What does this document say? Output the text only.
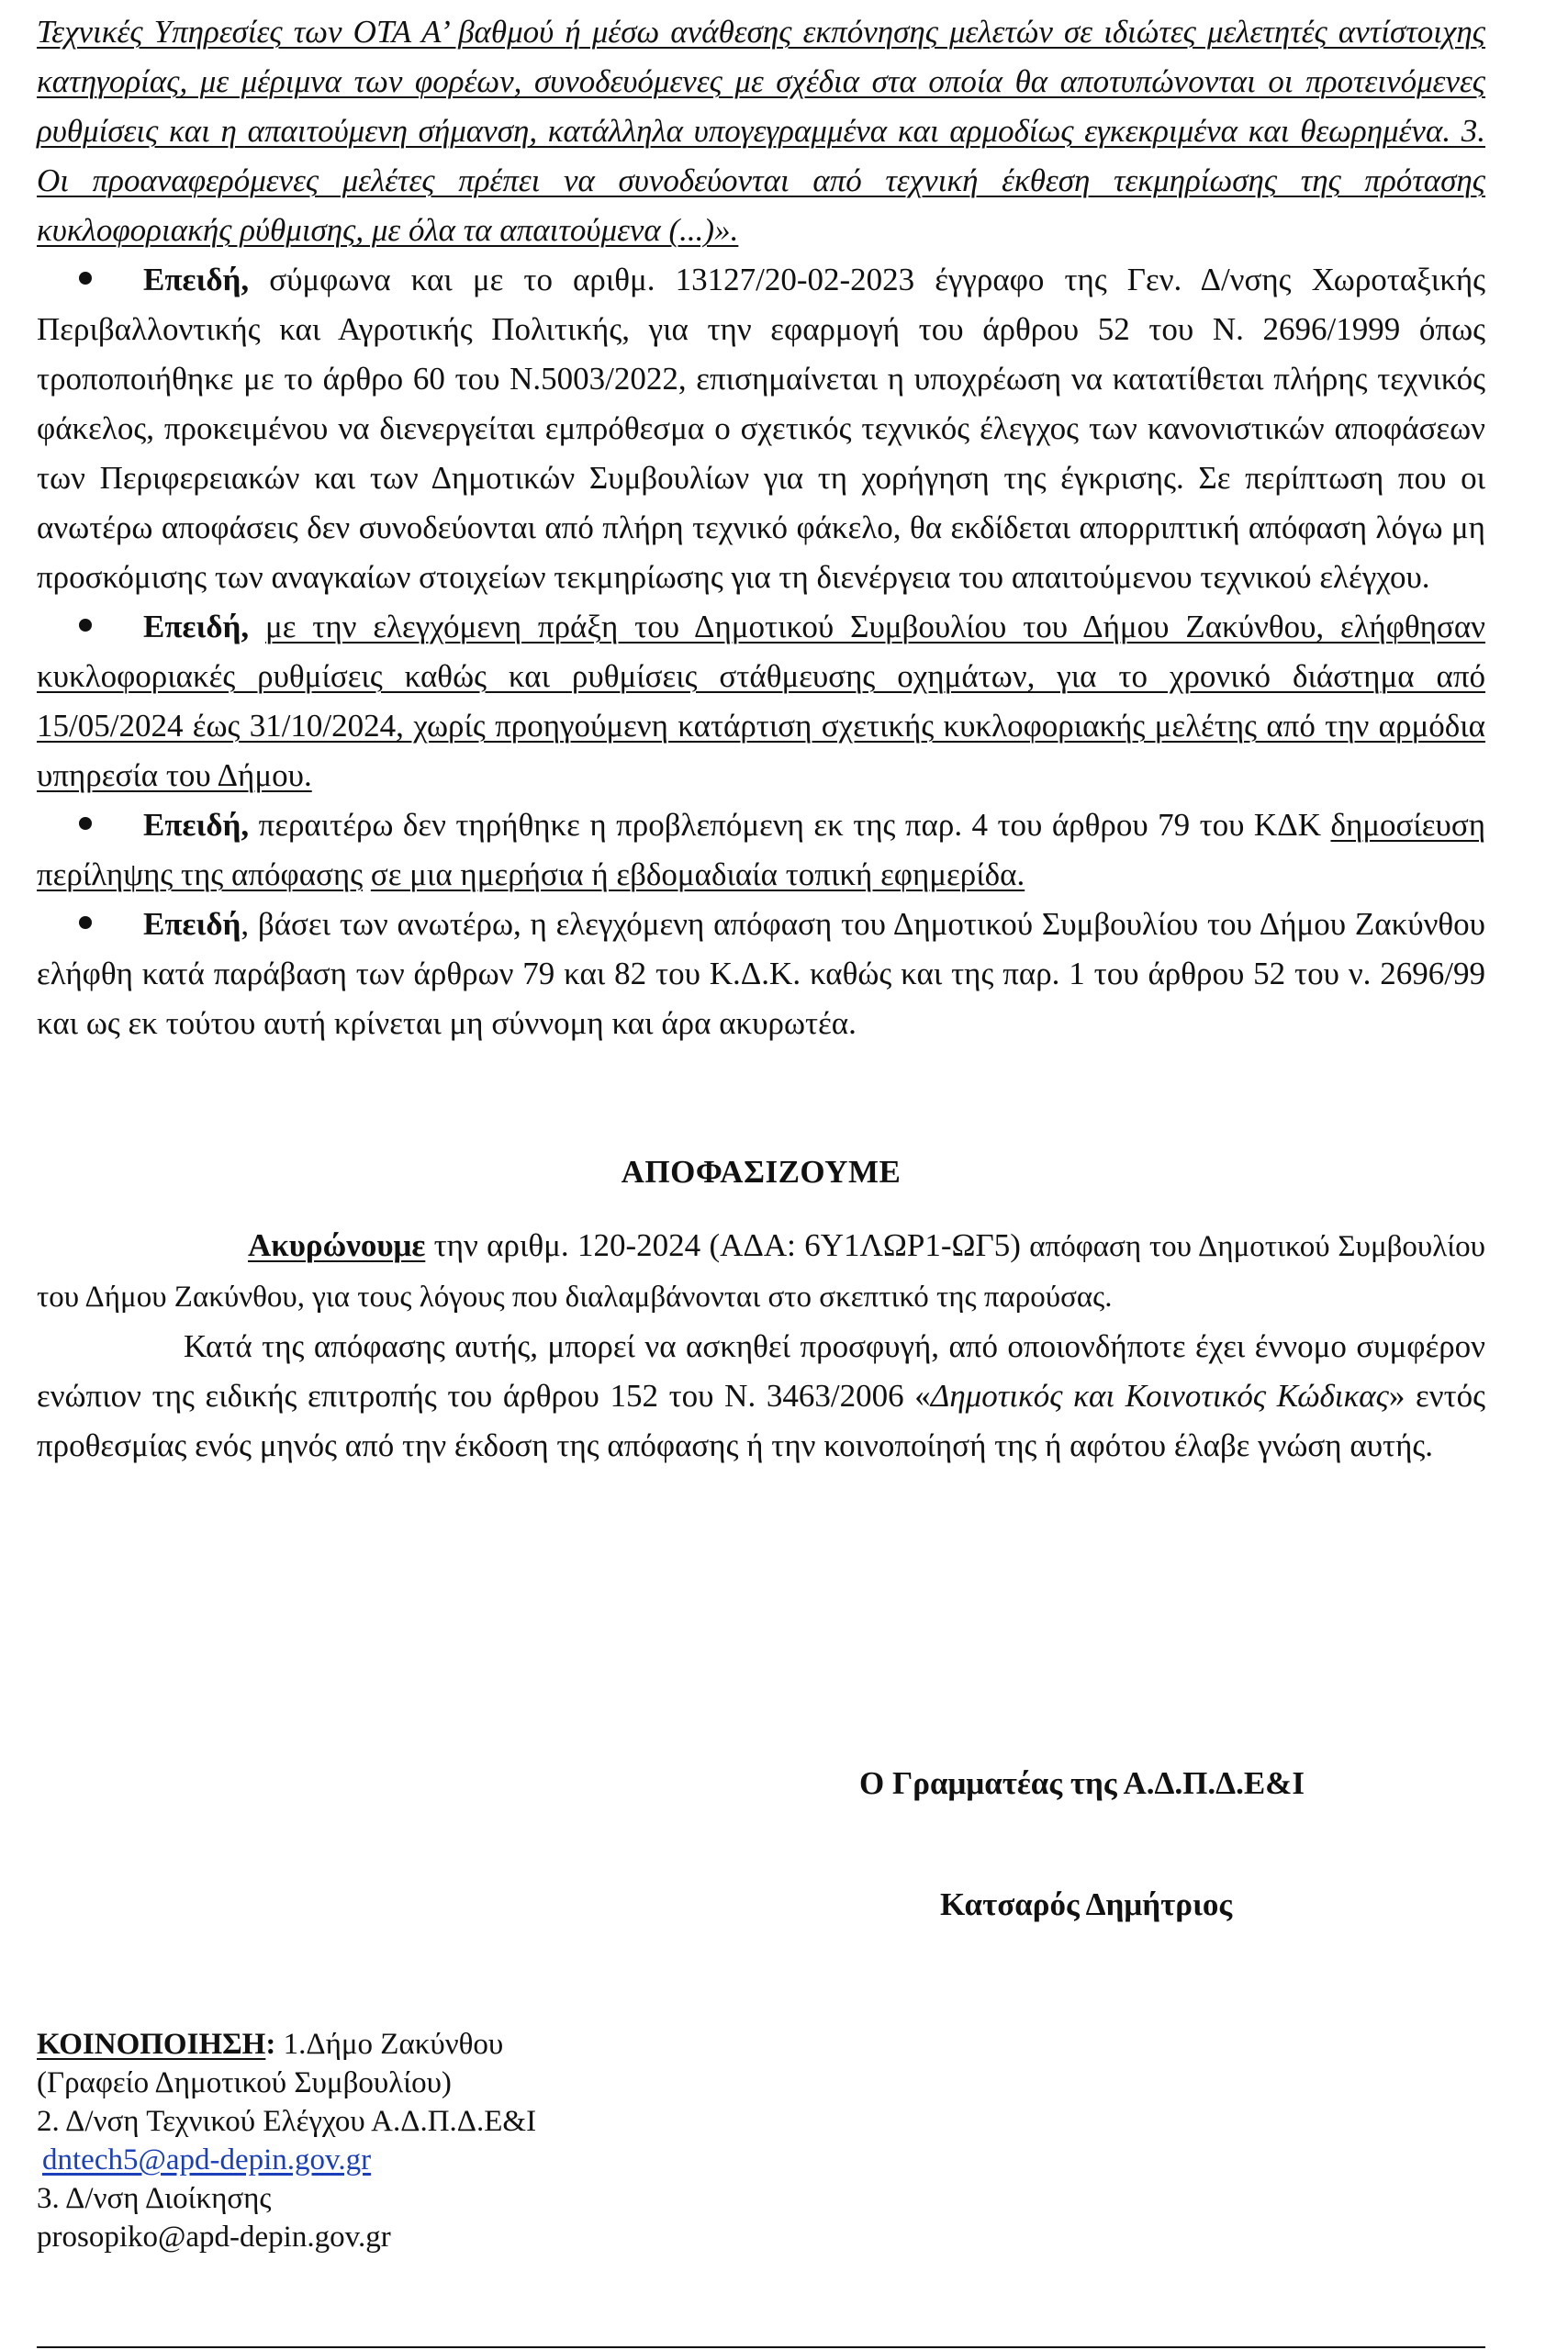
Τεχνικές Υπηρεσίες των ΟΤΑ Α’ βαθμού ή μέσω ανάθεσης εκπόνησης μελετών σε ιδιώτες μελετητές αντίστοιχης κατηγορίας, με μέριμνα των φορέων, συνοδευόμενες με σχέδια στα οποία θα αποτυπώνονται οι προτεινόμενες ρυθμίσεις και η απαιτούμενη σήμανση, κατάλληλα υπογεγραμμένα και αρμοδίως εγκεκριμένα και θεωρημένα. 3. Οι προαναφερόμενες μελέτες πρέπει να συνοδεύονται από τεχνική έκθεση τεκμηρίωσης της πρότασης κυκλοφοριακής ρύθμισης, με όλα τα απαιτούμενα (...)».

Επειδή, σύμφωνα και με το αριθμ. 13127/20-02-2023 έγγραφο της Γεν. Δ/νσης Χωροταξικής Περιβαλλοντικής και Αγροτικής Πολιτικής, για την εφαρμογή του άρθρου 52 του Ν. 2696/1999 όπως τροποποιήθηκε με το άρθρο 60 του Ν.5003/2022, επισημαίνεται η υποχρέωση να κατατίθεται πλήρης τεχνικός φάκελος, προκειμένου να διενεργείται εμπρόθεσμα ο σχετικός τεχνικός έλεγχος των κανονιστικών αποφάσεων των Περιφερειακών και των Δημοτικών Συμβουλίων για τη χορήγηση της έγκρισης. Σε περίπτωση που οι ανωτέρω αποφάσεις δεν συνοδεύονται από πλήρη τεχνικό φάκελο, θα εκδίδεται απορριπτική απόφαση λόγω μη προσκόμισης των αναγκαίων στοιχείων τεκμηρίωσης για τη διενέργεια του απαιτούμενου τεχνικού ελέγχου.

Επειδή, με την ελεγχόμενη πράξη του Δημοτικού Συμβουλίου του Δήμου Ζακύνθου, ελήφθησαν κυκλοφοριακές ρυθμίσεις καθώς και ρυθμίσεις στάθμευσης οχημάτων, για το χρονικό διάστημα από 15/05/2024 έως 31/10/2024, χωρίς προηγούμενη κατάρτιση σχετικής κυκλοφοριακής μελέτης από την αρμόδια υπηρεσία του Δήμου.

Επειδή, περαιτέρω δεν τηρήθηκε η προβλεπόμενη εκ της παρ. 4 του άρθρου 79 του ΚΔΚ δημοσίευση περίληψης της απόφασης σε μια ημερήσια ή εβδομαδιαία τοπική εφημερίδα.

Επειδή, βάσει των ανωτέρω, η ελεγχόμενη απόφαση του Δημοτικού Συμβουλίου του Δήμου Ζακύνθου ελήφθη κατά παράβαση των άρθρων 79 και 82 του Κ.Δ.Κ. καθώς και της παρ. 1 του άρθρου 52 του ν. 2696/99 και ως εκ τούτου αυτή κρίνεται μη σύννομη και άρα ακυρωτέα.

ΑΠΟΦΑΣΙΖΟΥΜΕ

Ακυρώνουμε την αριθμ. 120-2024 (ΑΔΑ: 6Υ1ΛΩΡ1-ΩΓ5) απόφαση του Δημοτικού Συμβουλίου του Δήμου Ζακύνθου, για τους λόγους που διαλαμβάνονται στο σκεπτικό της παρούσας.

Κατά της απόφασης αυτής, μπορεί να ασκηθεί προσφυγή, από οποιονδήποτε έχει έννομο συμφέρον ενώπιον της ειδικής επιτροπής του άρθρου 152 του Ν. 3463/2006 «Δημοτικός και Κοινοτικός Κώδικας» εντός προθεσμίας ενός μηνός από την έκδοση της απόφασης ή την κοινοποίησή της ή αφότου έλαβε γνώση αυτής.

Ο Γραμματέας της Α.Δ.Π.Δ.Ε&Ι
Κατσαρός Δημήτριος
ΚΟΙΝΟΠΟΙΗΣΗ: 1.Δήμο Ζακύνθου
(Γραφείο Δημοτικού Συμβουλίου)
2. Δ/νση Τεχνικού Ελέγχου Α.Δ.Π.Δ.Ε&Ι
dntech5@apd-depin.gov.gr
3. Δ/νση Διοίκησης
prosopiko@apd-depin.gov.gr
